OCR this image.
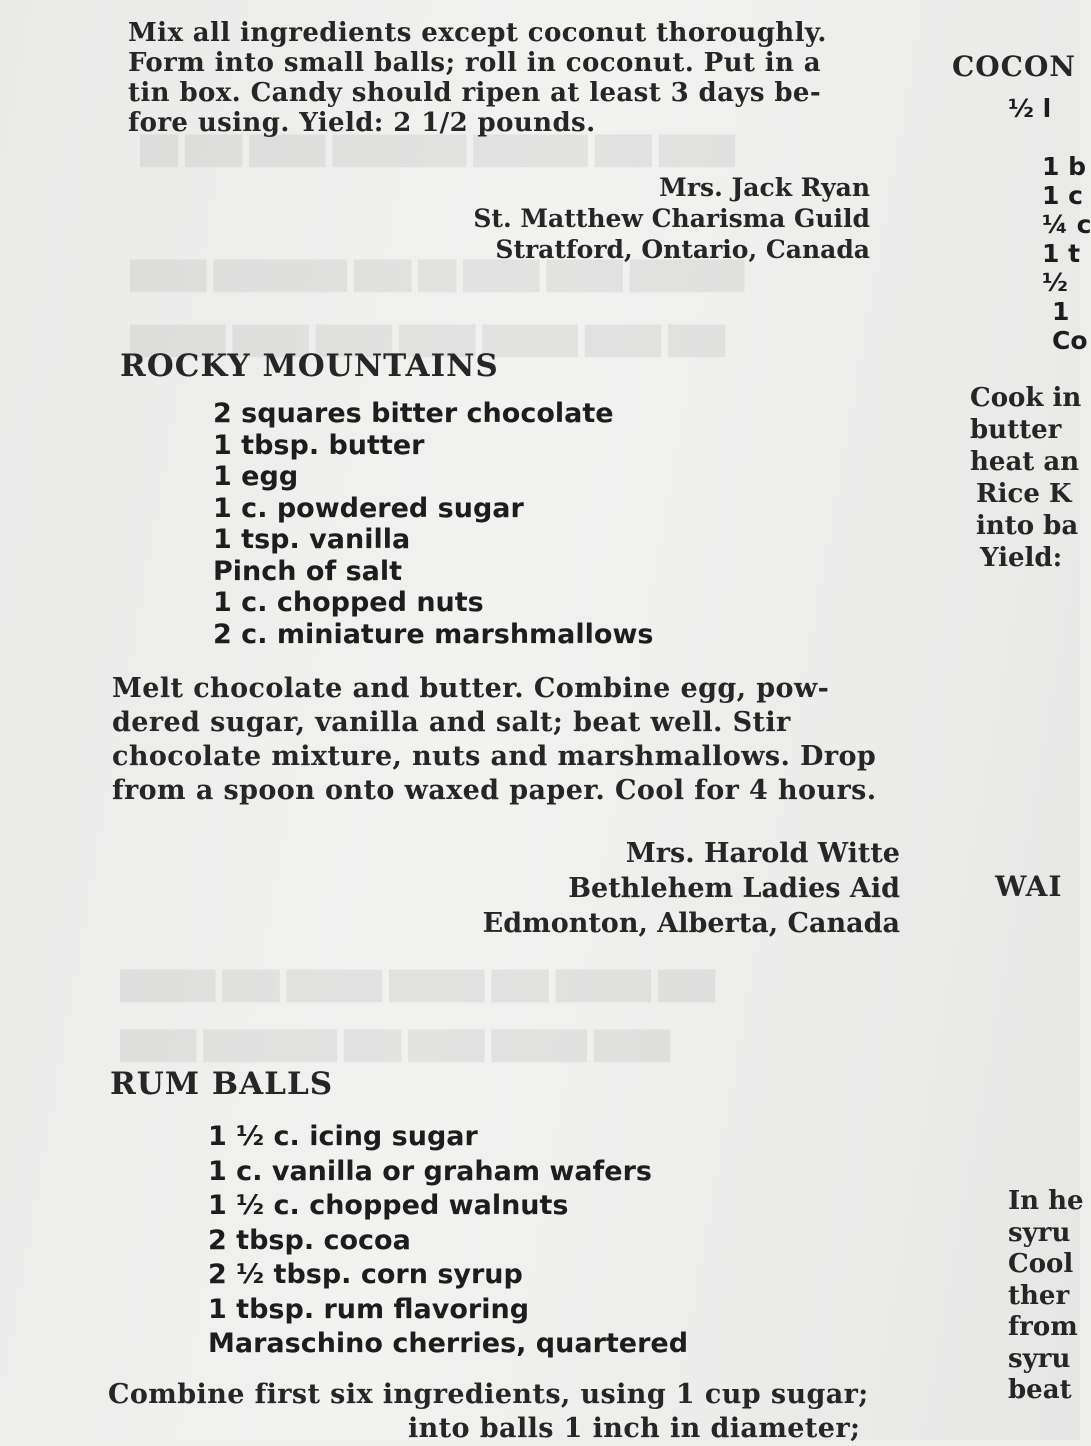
████ ███ ██████ ███████ ████ ███ ██
██████ ████ ████ ██ ███ ███████ ████
███ ████ █████ ████ ████ ████ █████
███ █████ ███ █████ █████ ███ █████
████ █████ ████ ███ ███████ ████
Mix all ingredients except coconut thoroughly.
Form into small balls; roll in coconut. Put in a
tin box. Candy should ripen at least 3 days be-
fore using. Yield: 2 1/2 pounds.
Mrs. Jack Ryan
St. Matthew Charisma Guild
Stratford, Ontario, Canada
ROCKY MOUNTAINS
2 squares bitter chocolate
1 tbsp. butter
1 egg
1 c. powdered sugar
1 tsp. vanilla
Pinch of salt
1 c. chopped nuts
2 c. miniature marshmallows
Melt chocolate and butter. Combine egg, pow-
dered sugar, vanilla and salt; beat well. Stir
chocolate mixture, nuts and marshmallows. Drop
from a spoon onto waxed paper. Cool for 4 hours.
Mrs. Harold Witte
Bethlehem Ladies Aid
Edmonton, Alberta, Canada
RUM BALLS
1 ½ c. icing sugar
1 c. vanilla or graham wafers
1 ½ c. chopped walnuts
2 tbsp. cocoa
2 ½ tbsp. corn syrup
1 tbsp. rum flavoring
Maraschino cherries, quartered
Combine first six ingredients, using 1 cup sugar;
into balls 1 inch in diameter;
COCON
½ l
1 b
1 c
¼ c
1 t
½
1
Co
Cook in
butter
heat an
Rice K
into ba
Yield:
WAI
In he
syru
Cool
ther
from
syru
beat
